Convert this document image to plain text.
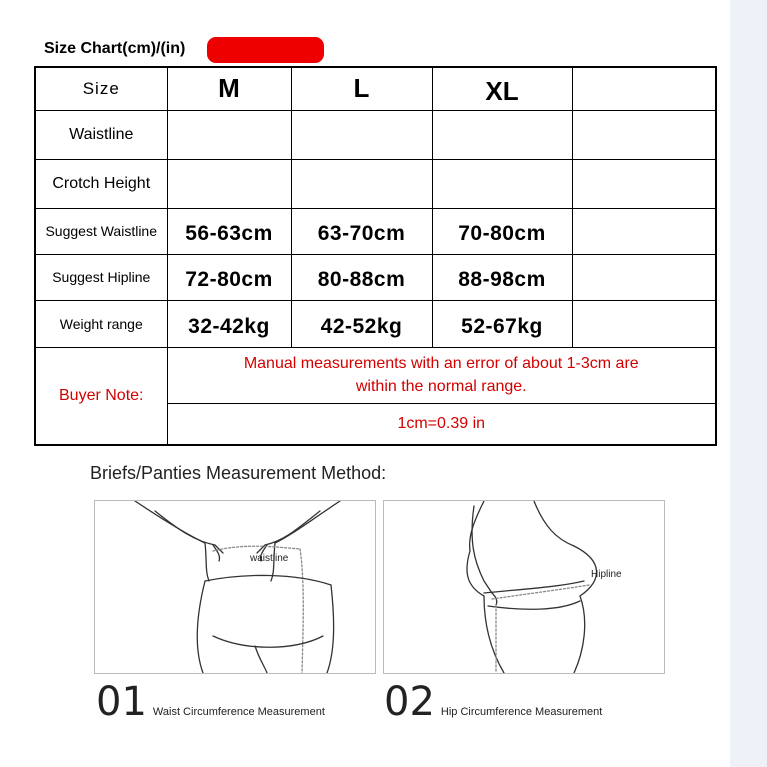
Size Chart(cm)/(in)
Size	M	L	XL	
Waistline				
Crotch Height				
Suggest Waistline	56-63cm	63-70cm	70-80cm	
Suggest Hipline	72-80cm	80-88cm	88-98cm	
Weight range	32-42kg	42-52kg	52-67kg	
Buyer Note:	Manual measurements with an error of about 1-3cm are
within the normal range.			

	1cm=0.39 in			
Briefs/Panties Measurement Method:
waistline
Hipline
01 Waist Circumference Measurement 02 Hip Circumference Measurement
